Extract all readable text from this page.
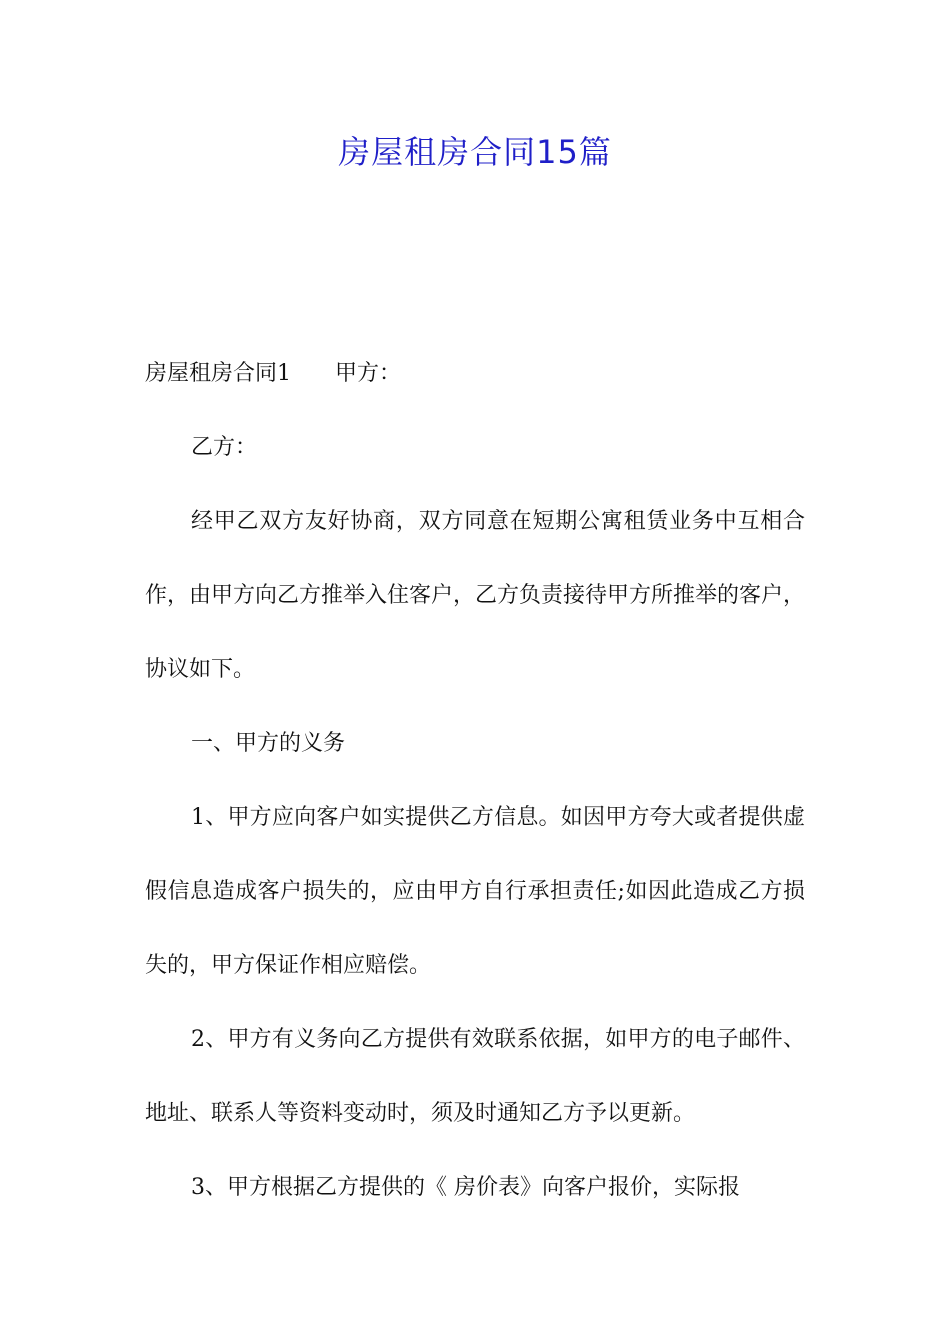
房屋租房合同15篇

房屋租房合同1 甲方：

乙方：

经甲乙双方友好协商，双方同意在短期公寓租赁业务中互相合作，由甲方向乙方推举入住客户，乙方负责接待甲方所推举的客户，协议如下。

一、甲方的义务

1、甲方应向客户如实提供乙方信息。如因甲方夸大或者提供虚假信息造成客户损失的，应由甲方自行承担责任;如因此造成乙方损失的，甲方保证作相应赔偿。

2、甲方有义务向乙方提供有效联系依据，如甲方的电子邮件、地址、联系人等资料变动时，须及时通知乙方予以更新。

3、甲方根据乙方提供的《 房价表》向客户报价，实际报
